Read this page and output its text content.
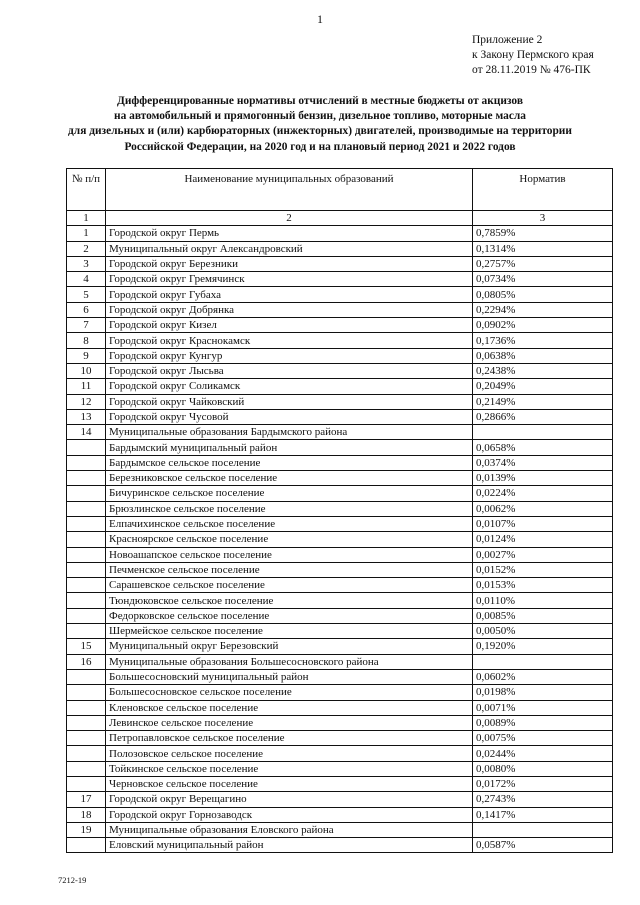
1
Приложение 2
к Закону Пермского края
от 28.11.2019 № 476-ПК
Дифференцированные нормативы отчислений в местные бюджеты от акцизов
на автомобильный и прямогонный бензин, дизельное топливо, моторные масла
для дизельных и (или) карбюраторных (инжекторных) двигателей, производимые на территории
Российской Федерации, на 2020 год и на плановый период 2021 и 2022 годов
№ п/п	Наименование муниципальных образований	Норматив
1	2	3
1	Городской округ Пермь	0,7859%
2	Муниципальный округ Александровский	0,1314%
3	Городской округ Березники	0,2757%
4	Городской округ Гремячинск	0,0734%
5	Городской округ Губаха	0,0805%
6	Городской округ Добрянка	0,2294%
7	Городской округ Кизел	0,0902%
8	Городской округ Краснокамск	0,1736%
9	Городской округ Кунгур	0,0638%
10	Городской округ Лысьва	0,2438%
11	Городской округ Соликамск	0,2049%
12	Городской округ Чайковский	0,2149%
13	Городской округ Чусовой	0,2866%
14	Муниципальные образования Бардымского района	
	Бардымский муниципальный район	0,0658%
	Бардымское сельское поселение	0,0374%
	Березниковское сельское поселение	0,0139%
	Бичуринское сельское поселение	0,0224%
	Брюзлинское сельское поселение	0,0062%
	Елпачихинское сельское поселение	0,0107%
	Красноярское сельское поселение	0,0124%
	Новоашапское сельское поселение	0,0027%
	Печменское сельское поселение	0,0152%
	Сарашевское сельское поселение	0,0153%
	Тюндюковское сельское поселение	0,0110%
	Федорковское сельское поселение	0,0085%
	Шермейское сельское поселение	0,0050%
15	Муниципальный округ Березовский	0,1920%
16	Муниципальные образования Большесосновского района	
	Большесосновский муниципальный район	0,0602%
	Большесосновское сельское поселение	0,0198%
	Кленовское сельское поселение	0,0071%
	Левинское сельское поселение	0,0089%
	Петропавловское сельское поселение	0,0075%
	Полозовское сельское поселение	0,0244%
	Тойкинское сельское поселение	0,0080%
	Черновское сельское поселение	0,0172%
17	Городской округ Верещагино	0,2743%
18	Городской округ Горнозаводск	0,1417%
19	Муниципальные образования Еловского района	
	Еловский муниципальный район	0,0587%
7212-19
